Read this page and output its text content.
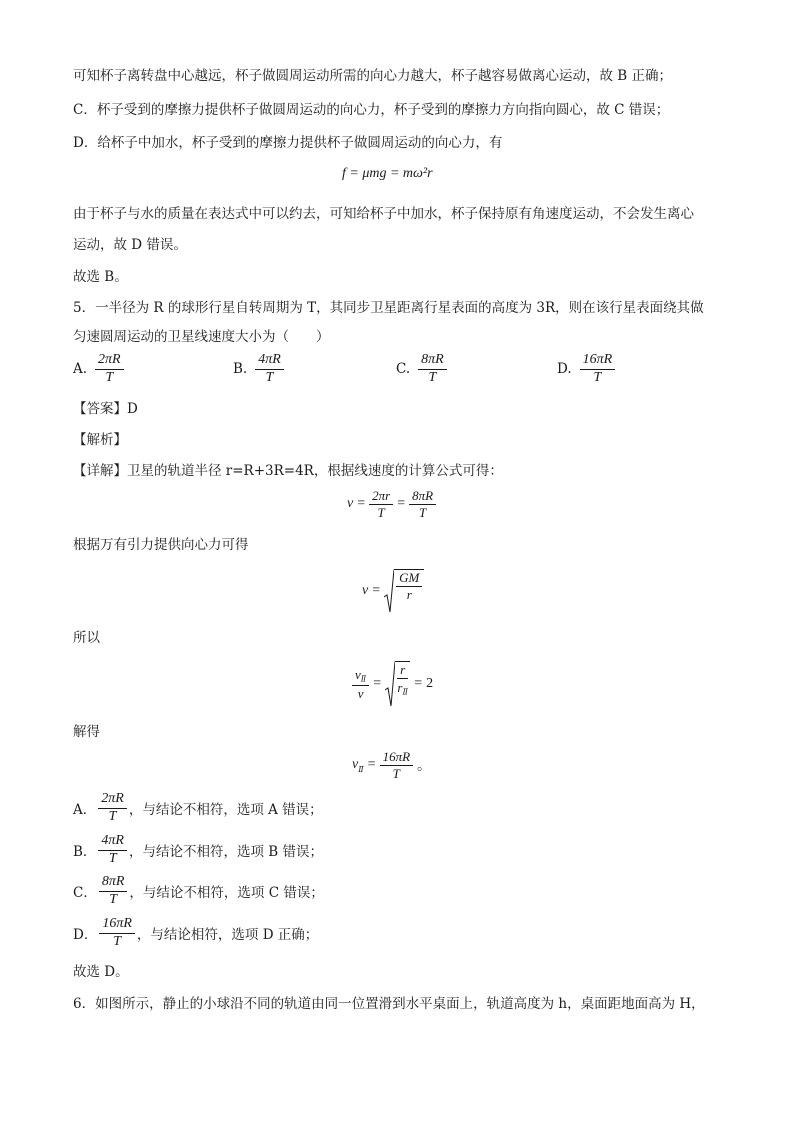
可知杯子离转盘中心越远，杯子做圆周运动所需的向心力越大，杯子越容易做离心运动，故 B 正确；
C．杯子受到的摩擦力提供杯子做圆周运动的向心力，杯子受到的摩擦力方向指向圆心，故 C 错误；
D．给杯子中加水，杯子受到的摩擦力提供杯子做圆周运动的向心力，有
f = μmg = mω²r
由于杯子与水的质量在表达式中可以约去，可知给杯子中加水，杯子保持原有角速度运动，不会发生离心
运动，故 D 错误。
故选 B。
5．一半径为 R 的球形行星自转周期为 T，其同步卫星距离行星表面的高度为 3R，则在该行星表面绕其做
匀速圆周运动的卫星线速度大小为（　　）
A. $\frac{2\pi R}{T}$	B. $\frac{4\pi R}{T}$	C. $\frac{8\pi R}{T}$	D. $\frac{16\pi R}{T}$
【答案】D
【解析】
【详解】卫星的轨道半径 r=R+3R=4R，根据线速度的计算公式可得：
$v = \frac{2\pi r}{T} = \frac{8\pi R}{T}$
根据万有引力提供向心力可得
$v = \frac{GM}{r}$
所以
$\frac{v_Ⅱ}{v} = \frac{r}{r_Ⅱ} = 2$
解得
$v_Ⅱ = \frac{16\pi R}{T}$ 。
A． $\frac{2\pi R}{T}$ ，与结论不相符，选项 A 错误；
B． $\frac{4\pi R}{T}$ ，与结论不相符，选项 B 错误；
C． $\frac{8\pi R}{T}$ ，与结论不相符，选项 C 错误；
D． $\frac{16\pi R}{T}$ ，与结论相符，选项 D 正确；
故选 D。
6．如图所示，静止的小球沿不同的轨道由同一位置滑到水平桌面上，轨道高度为 h，桌面距地面高为 H，
